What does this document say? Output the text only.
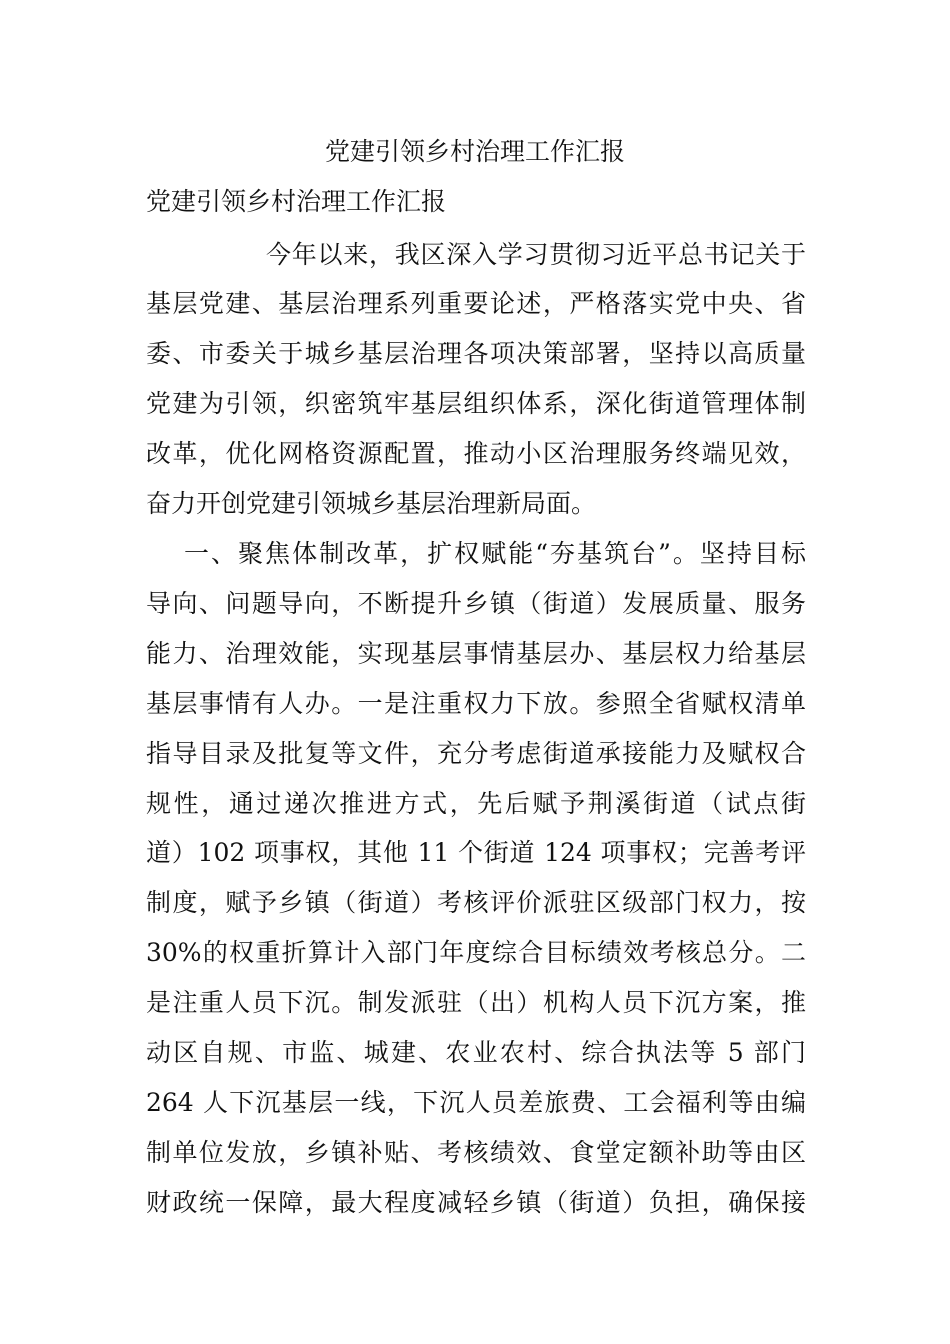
党建引领乡村治理工作汇报
党建引领乡村治理工作汇报
今年以来，我区深入学习贯彻习近平总书记关于
基层党建、基层治理系列重要论述，严格落实党中央、省
委、市委关于城乡基层治理各项决策部署，坚持以高质量
党建为引领，织密筑牢基层组织体系，深化街道管理体制
改革，优化网格资源配置，推动小区治理服务终端见效，
奋力开创党建引领城乡基层治理新局面。
一、聚焦体制改革，扩权赋能“夯基筑台”。坚持目标
导向、问题导向，不断提升乡镇（街道）发展质量、服务
能力、治理效能，实现基层事情基层办、基层权力给基层
基层事情有人办。一是注重权力下放。参照全省赋权清单
指导目录及批复等文件，充分考虑街道承接能力及赋权合
规性，通过递次推进方式，先后赋予荆溪街道（试点街
道）102 项事权，其他 11 个街道 124 项事权；完善考评
制度，赋予乡镇（街道）考核评价派驻区级部门权力，按
30%的权重折算计入部门年度综合目标绩效考核总分。二
是注重人员下沉。制发派驻（出）机构人员下沉方案，推
动区自规、市监、城建、农业农村、综合执法等 5 部门
264 人下沉基层一线，下沉人员差旅费、工会福利等由编
制单位发放，乡镇补贴、考核绩效、食堂定额补助等由区
财政统一保障，最大程度减轻乡镇（街道）负担，确保接
